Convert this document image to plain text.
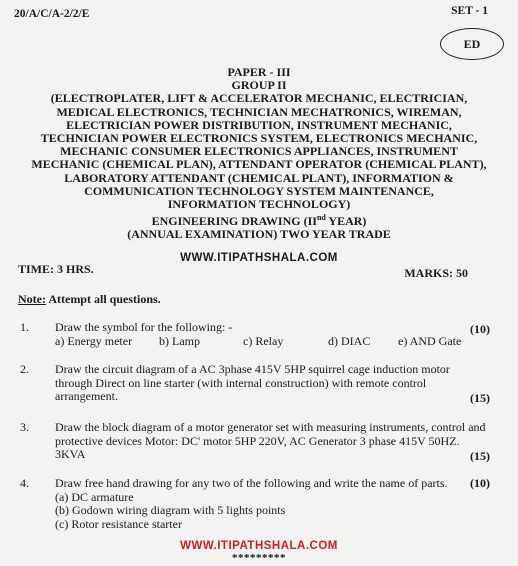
20/A/C/A-2/2/E	SET - 1
ED
PAPER - III
GROUP II
(ELECTROPLATER, LIFT & ACCELERATOR MECHANIC, ELECTRICIAN,
MEDICAL ELECTRONICS, TECHNICIAN MECHATRONICS, WIREMAN,
ELECTRICIAN POWER DISTRIBUTION, INSTRUMENT MECHANIC,
TECHNICIAN POWER ELECTRONICS SYSTEM, ELECTRONICS MECHANIC,
MECHANIC CONSUMER ELECTRONICS APPLIANCES, INSTRUMENT
MECHANIC (CHEMICAL PLAN), ATTENDANT OPERATOR (CHEMICAL PLANT),
LABORATORY ATTENDANT (CHEMICAL PLANT), INFORMATION &
COMMUNICATION TECHNOLOGY SYSTEM MAINTENANCE,
INFORMATION TECHNOLOGY)
ENGINEERING DRAWING (IInd YEAR)
(ANNUAL EXAMINATION) TWO YEAR TRADE
WWW.ITIPATHSHALA.COM
TIME: 3 HRS.	MARKS: 50
Note: Attempt all questions.
1. Draw the symbol for the following: -
a) Energy meter	b) Lamp	c) Relay	d) DIAC	e) AND Gate
(10)
2. Draw the circuit diagram of a AC 3phase 415V 5HP squirrel cage induction motor
through Direct on line starter (with internal construction) with remote control
arrangement.	(15)
3. Draw the block diagram of a motor generator set with measuring instruments, control and
protective devices Motor: DC' motor 5HP 220V, AC Generator 3 phase 415V 50HZ.
3KVA	(15)
4. Draw free hand drawing for any two of the following and write the name of parts.
(a) DC armature
(b) Godown wiring diagram with 5 lights points
(c) Rotor resistance starter
(10)
WWW.ITIPATHSHALA.COM
*********
